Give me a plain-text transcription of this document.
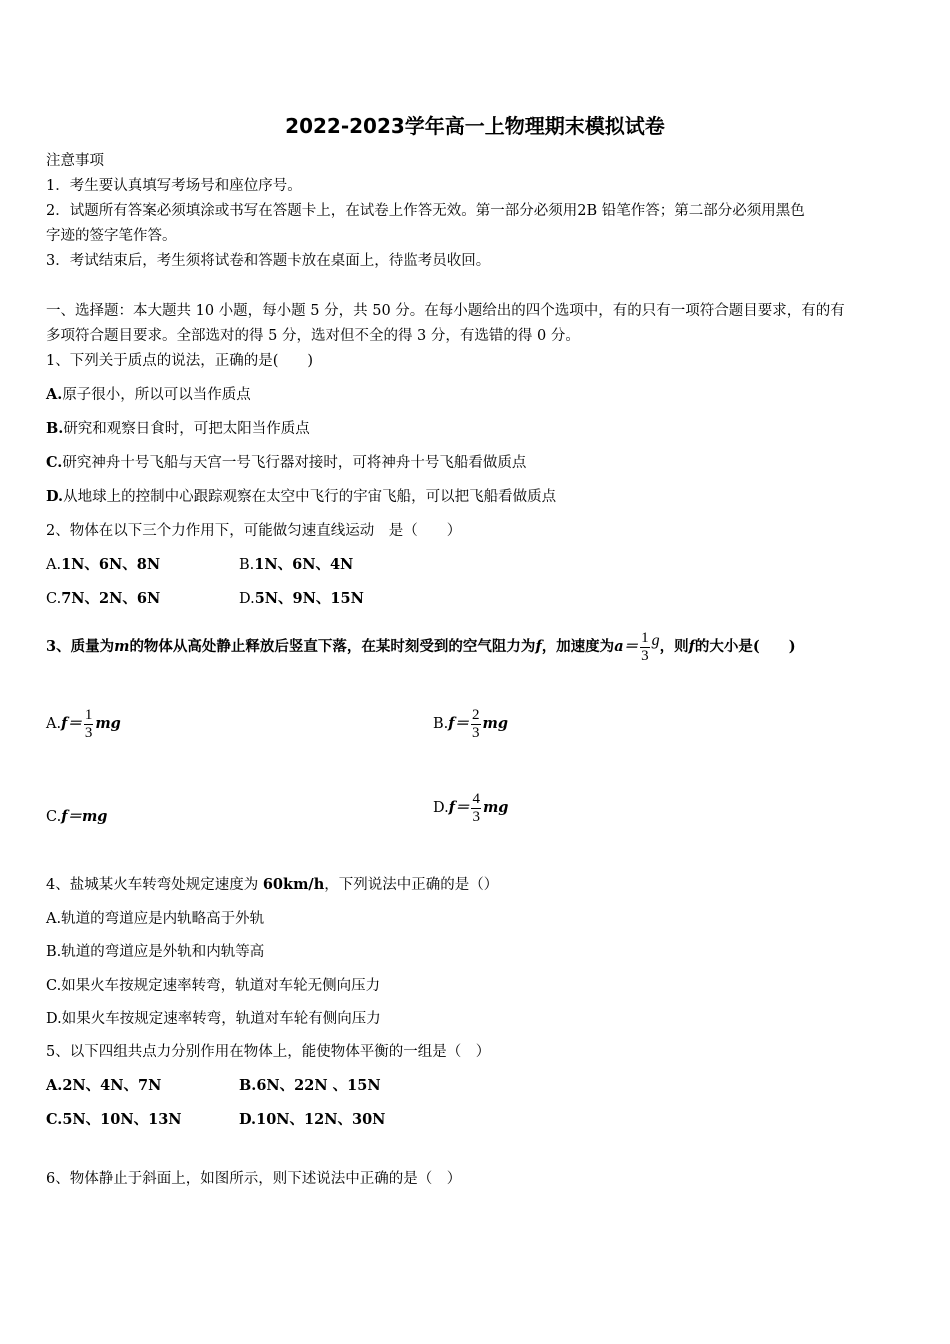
2022-2023学年高一上物理期末模拟试卷
注意事项
1．考生要认真填写考场号和座位序号。
2．试题所有答案必须填涂或书写在答题卡上，在试卷上作答无效。第一部分必须用2B 铅笔作答；第二部分必须用黑色
字迹的签字笔作答。
3．考试结束后，考生须将试卷和答题卡放在桌面上，待监考员收回。
一、选择题：本大题共 10 小题，每小题 5 分，共 50 分。在每小题给出的四个选项中，有的只有一项符合题目要求，有的有
多项符合题目要求。全部选对的得 5 分，选对但不全的得 3 分，有选错的得 0 分。
1、下列关于质点的说法，正确的是(　　)
A.原子很小，所以可以当作质点
B.研究和观察日食时，可把太阳当作质点
C.研究神舟十号飞船与天宫一号飞行器对接时，可将神舟十号飞船看做质点
D.从地球上的控制中心跟踪观察在太空中飞行的宇宙飞船，可以把飞船看做质点
2、物体在以下三个力作用下，可能做匀速直线运动　是（　　）
A.1N、6N、8N	B.1N、6N、4N
C.7N、2N、6N	D.5N、9N、15N
3、质量为m的物体从高处静止释放后竖直下落，在某时刻受到的空气阻力为f，加速度为$a= \frac{1}{3}$ g，则f的大小是(　　)
$A.f= \frac{1}{3}$ mg	$B.f= \frac{2}{3}$ mg
C.f＝mg	$D.f= \frac{4}{3}$ mg
4、盐城某火车转弯处规定速度为 60km/h，下列说法中正确的是（）
A.轨道的弯道应是内轨略高于外轨
B.轨道的弯道应是外轨和内轨等高
C.如果火车按规定速率转弯，轨道对车轮无侧向压力
D.如果火车按规定速率转弯，轨道对车轮有侧向压力
5、以下四组共点力分别作用在物体上，能使物体平衡的一组是（　）
A.2N、4N、7N	B.6N、22N 、15N
C.5N、10N、13N	D.10N、12N、30N
6、物体静止于斜面上，如图所示，则下述说法中正确的是（　）
